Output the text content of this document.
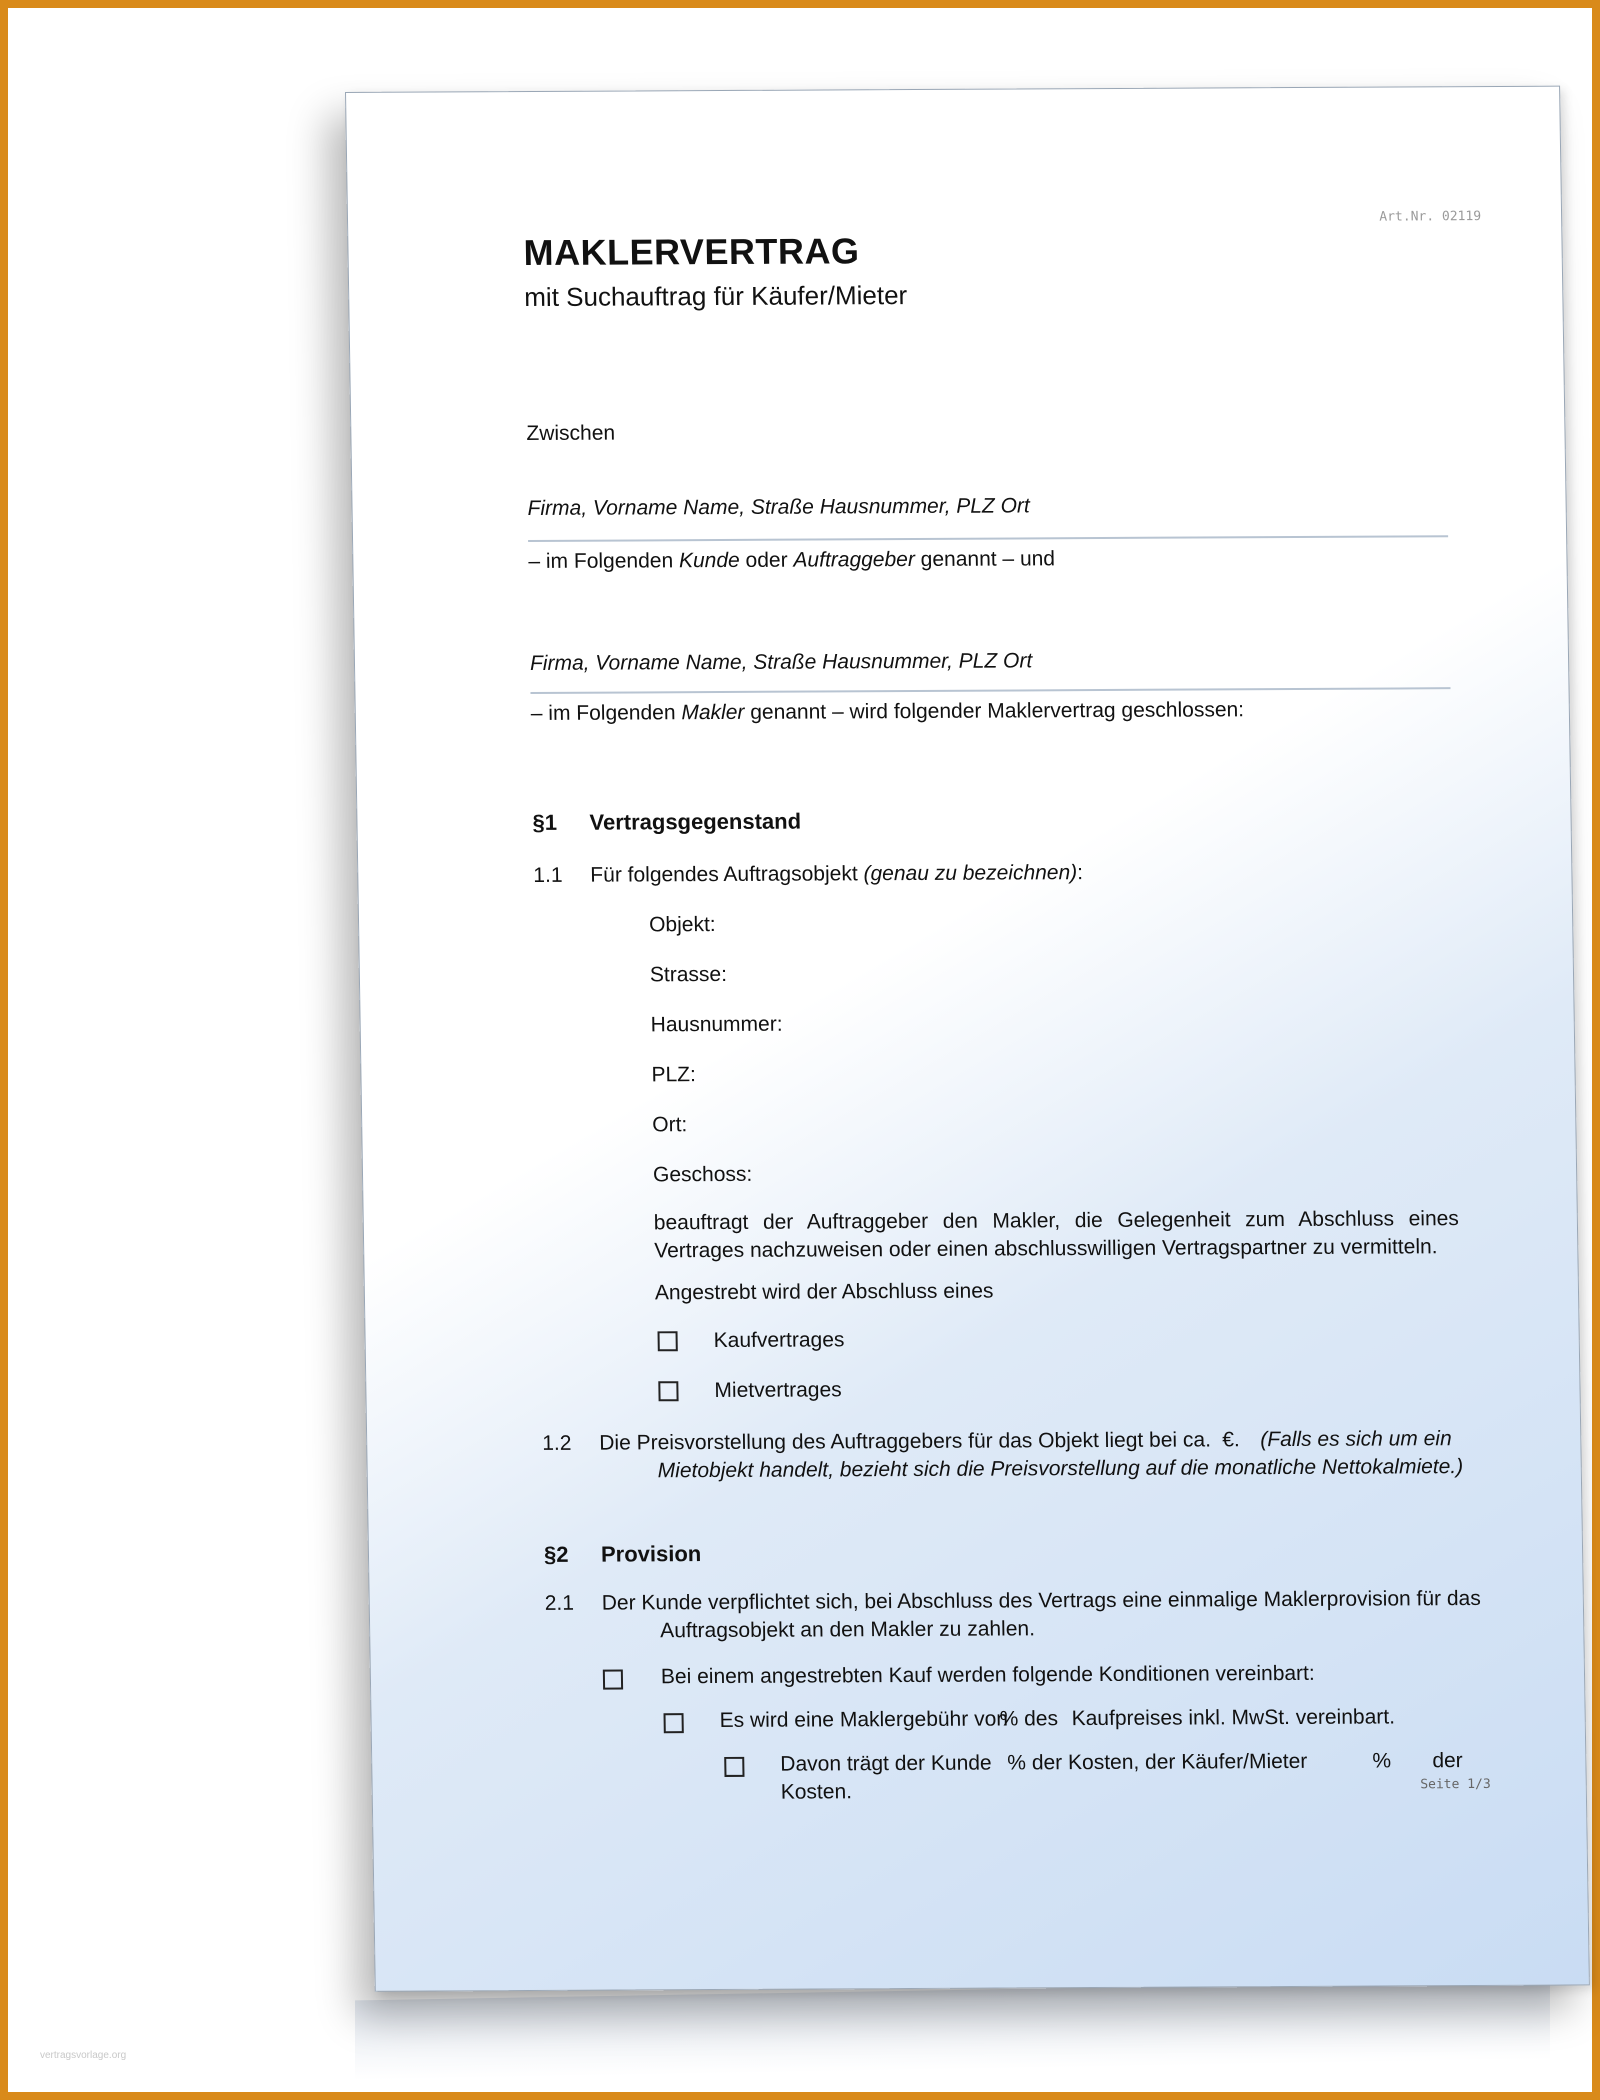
Art.Nr. 02119
MAKLERVERTRAG
mit Suchauftrag für Käufer/Mieter
Zwischen
Firma, Vorname Name, Straße Hausnummer, PLZ Ort
– im Folgenden Kunde oder Auftraggeber genannt – und
Firma, Vorname Name, Straße Hausnummer, PLZ Ort
– im Folgenden Makler genannt – wird folgender Maklervertrag geschlossen:
§1 Vertragsgegenstand
1.1 Für folgendes Auftragsobjekt (genau zu bezeichnen):
Objekt:
Strasse:
Hausnummer:
PLZ:
Ort:
Geschoss:
beauftragt der Auftraggeber den Makler, die Gelegenheit zum Abschluss eines Vertrages nachzuweisen oder einen abschlusswilligen Vertragspartner zu vermitteln.
Angestrebt wird der Abschluss eines
Kaufvertrages
Mietvertrages
1.2 Die Preisvorstellung des Auftraggebers für das Objekt liegt bei ca. €. (Falls es sich um ein
Mietobjekt handelt, bezieht sich die Preisvorstellung auf die monatliche Nettokalmiete.)
§2 Provision
2.1 Der Kunde verpflichtet sich, bei Abschluss des Vertrags eine einmalige Maklerprovision für das
Auftragsobjekt an den Makler zu zahlen.
Bei einem angestrebten Kauf werden folgende Konditionen vereinbart:
Es wird eine Maklergebühr von
% des Kaufpreises inkl. MwSt. vereinbart.
Davon trägt der Kunde % der Kosten, der Käufer/Mieter	% der
Kosten.	Seite 1/3
vertragsvorlage.org
